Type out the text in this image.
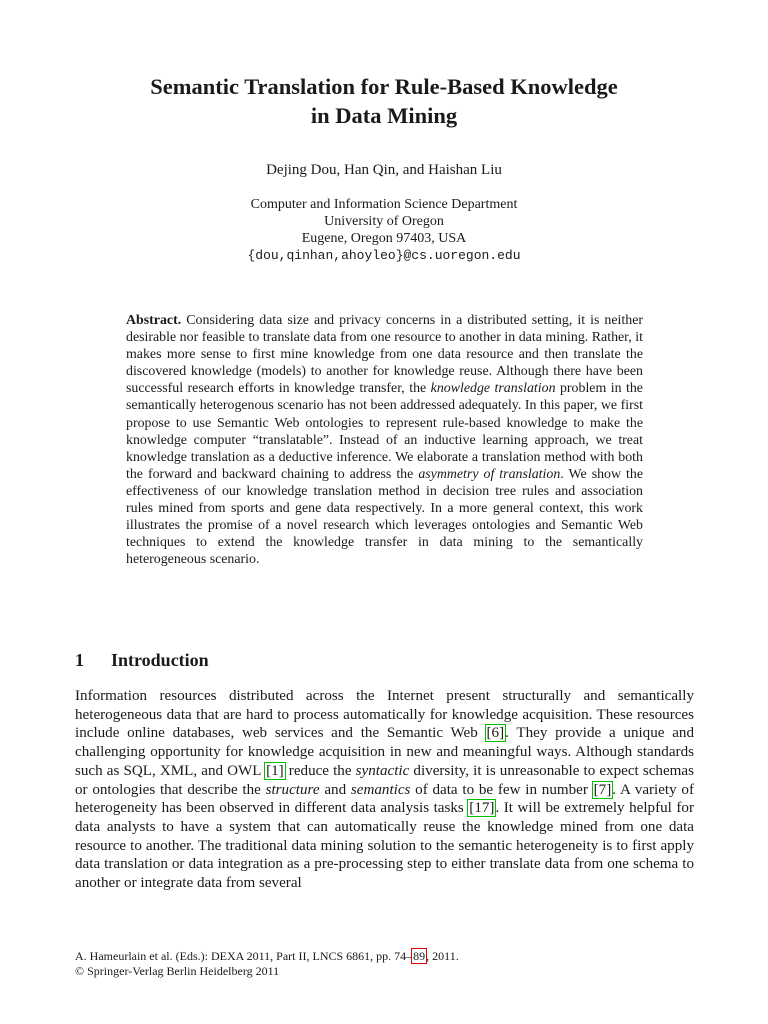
Semantic Translation for Rule-Based Knowledge
in Data Mining

Dejing Dou, Han Qin, and Haishan Liu

Computer and Information Science Department
University of Oregon
Eugene, Oregon 97403, USA
{dou,qinhan,ahoyleo}@cs.uoregon.edu

Abstract. Considering data size and privacy concerns in a distributed setting, it is neither desirable nor feasible to translate data from one resource to another in data mining. Rather, it makes more sense to first mine knowledge from one data resource and then translate the discovered knowledge (models) to another for knowledge reuse. Although there have been successful research efforts in knowledge transfer, the knowledge translation problem in the semantically heterogenous scenario has not been addressed adequately. In this paper, we first propose to use Semantic Web ontologies to represent rule-based knowledge to make the knowledge computer “translatable”. Instead of an inductive learning approach, we treat knowledge translation as a deductive inference. We elaborate a translation method with both the forward and backward chaining to address the asymmetry of translation. We show the effectiveness of our knowledge translation method in decision tree rules and association rules mined from sports and gene data respectively. In a more general context, this work illustrates the promise of a novel research which leverages ontologies and Semantic Web techniques to extend the knowledge transfer in data mining to the semantically heterogeneous scenario.

1 Introduction

Information resources distributed across the Internet present structurally and semantically heterogeneous data that are hard to process automatically for knowledge acquisition. These resources include online databases, web services and the Semantic Web [6]. They provide a unique and challenging opportunity for knowledge acquisition in new and meaningful ways. Although standards such as SQL, XML, and OWL [1] reduce the syntactic diversity, it is unreasonable to expect schemas or ontologies that describe the structure and semantics of data to be few in number [7]. A variety of heterogeneity has been observed in different data analysis tasks [17]. It will be extremely helpful for data analysts to have a system that can automatically reuse the knowledge mined from one data resource to another. The traditional data mining solution to the semantic heterogeneity is to first apply data translation or data integration as a pre-processing step to either translate data from one schema to another or integrate data from several

A. Hameurlain et al. (Eds.): DEXA 2011, Part II, LNCS 6861, pp. 74–89, 2011.
© Springer-Verlag Berlin Heidelberg 2011
